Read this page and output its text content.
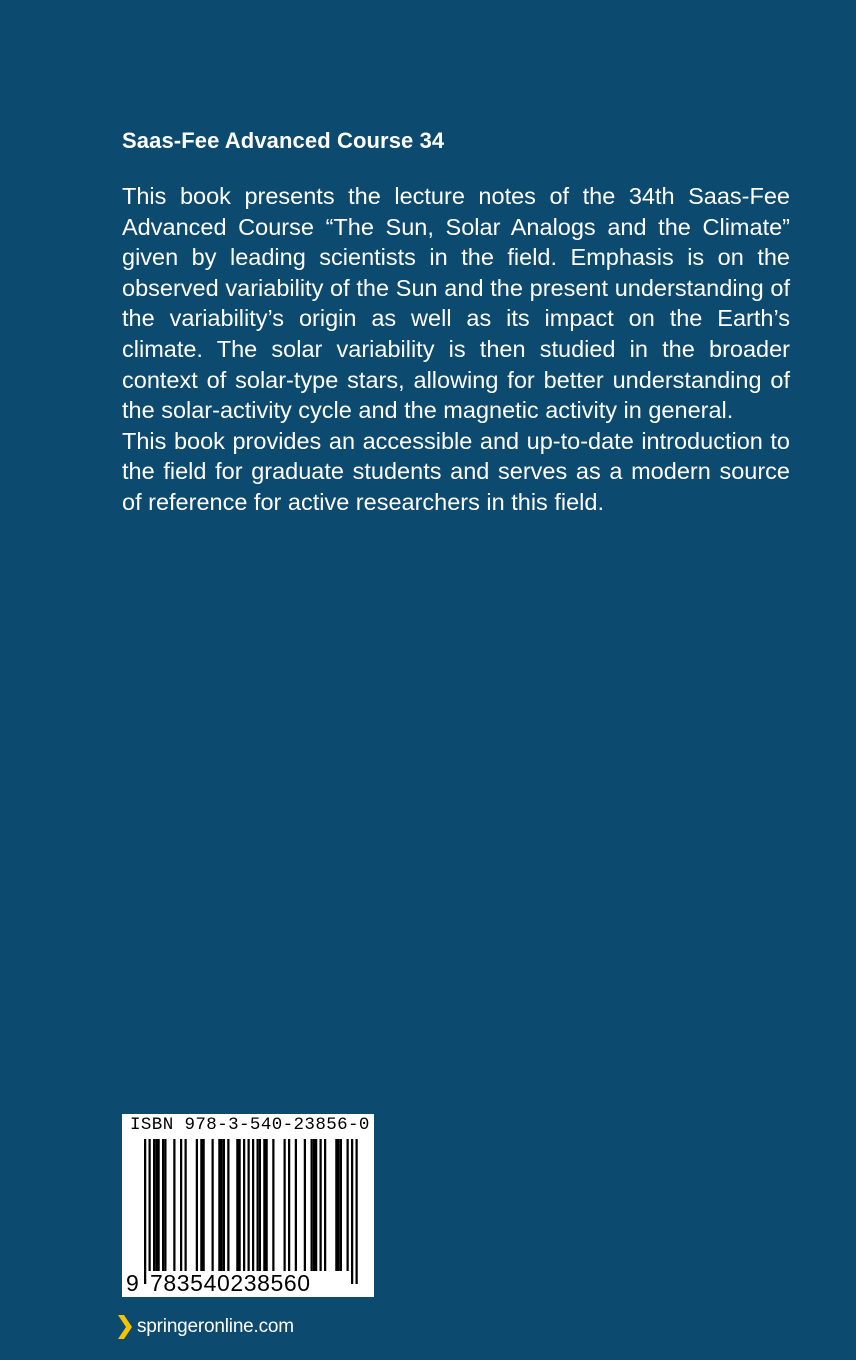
Saas-Fee Advanced Course 34

This book presents the lecture notes of the 34th Saas-Fee Advanced Course “The Sun, Solar Analogs and the Climate” given by leading scientists in the field. Emphasis is on the observed variability of the Sun and the present understanding of the variability’s origin as well as its impact on the Earth’s climate. The solar variability is then studied in the broader context of solar-type stars, allowing for better understanding of the solar-activity cycle and the magnetic activity in general.

This book provides an accessible and up-to-date introduction to the field for graduate students and serves as a modern source of reference for active researchers in this field.

ISBN 978-3-540-23856-0
9 783540238560
springeronline.com
